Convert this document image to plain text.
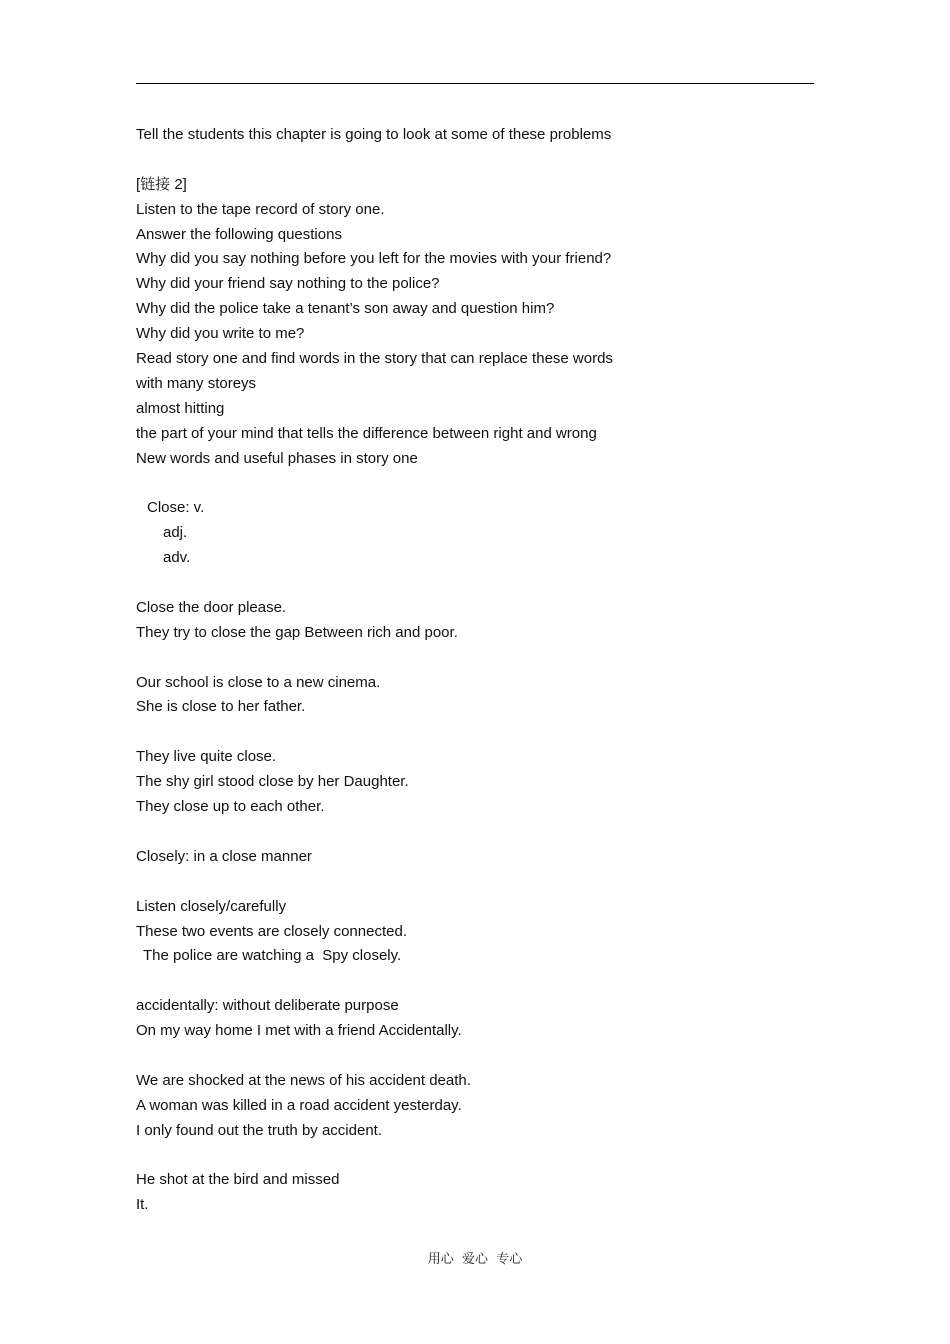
Tell the students this chapter is going to look at some of these problems
[链接 2]
Listen to the tape record of story one.
Answer the following questions
Why did you say nothing before you left for the movies with your friend?
Why did your friend say nothing to the police?
Why did the police take a tenant’s son away and question him?
Why did you write to me?
Read story one and find words in the story that can replace these words
with many storeys
almost hitting
the part of your mind that tells the difference between right and wrong
New words and useful phases in story one
Close: v.
adj.
adv.
Close the door please.
They try to close the gap Between rich and poor.
Our school is close to a new cinema.
She is close to her father.
They live quite close.
The shy girl stood close by her Daughter.
They close up to each other.
Closely: in a close manner
Listen closely/carefully
These two events are closely connected.
The police are watching a  Spy closely.
accidentally: without deliberate purpose
On my way home I met with a friend Accidentally.
We are shocked at the news of his accident death.
A woman was killed in a road accident yesterday.
I only found out the truth by accident.
He shot at the bird and missed
It.
用心  爱心  专心
